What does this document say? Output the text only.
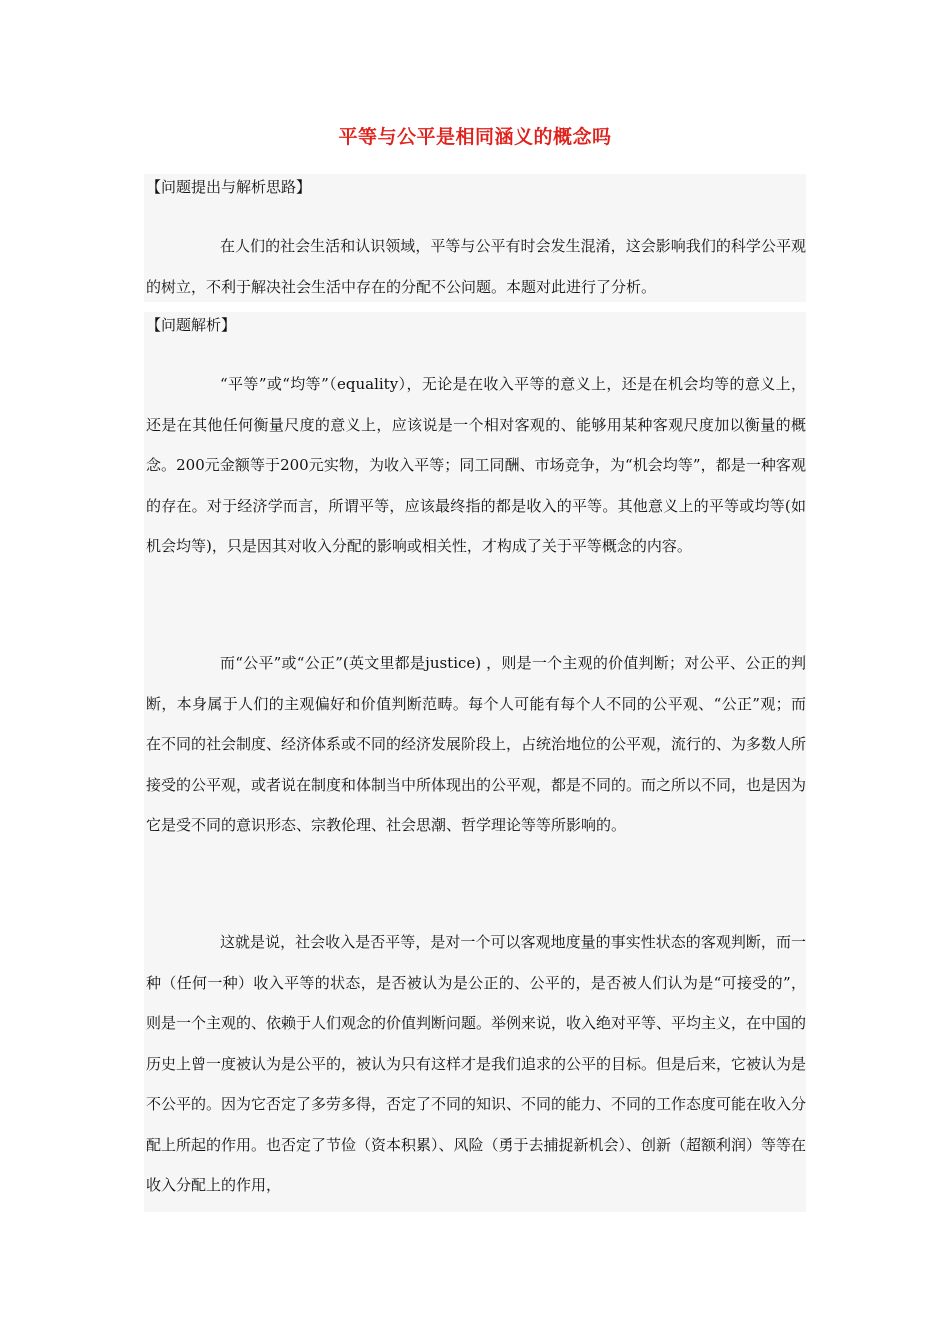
平等与公平是相同涵义的概念吗
【问题提出与解析思路】
在人们的社会生活和认识领域，平等与公平有时会发生混淆，这会影响我们的科学公平观的树立，不利于解决社会生活中存在的分配不公问题。本题对此进行了分析。
【问题解析】
“平等”或“均等”（equality），无论是在收入平等的意义上，还是在机会均等的意义上，还是在其他任何衡量尺度的意义上，应该说是一个相对客观的、能够用某种客观尺度加以衡量的概念。200元金额等于200元实物，为收入平等；同工同酬、市场竞争，为“机会均等”，都是一种客观的存在。对于经济学而言，所谓平等，应该最终指的都是收入的平等。其他意义上的平等或均等(如机会均等)，只是因其对收入分配的影响或相关性，才构成了关于平等概念的内容。
而“公平”或“公正”(英文里都是justice) ，则是一个主观的价值判断；对公平、公正的判断，本身属于人们的主观偏好和价值判断范畴。每个人可能有每个人不同的公平观、“公正”观；而在不同的社会制度、经济体系或不同的经济发展阶段上，占统治地位的公平观，流行的、为多数人所接受的公平观，或者说在制度和体制当中所体现出的公平观，都是不同的。而之所以不同，也是因为它是受不同的意识形态、宗教伦理、社会思潮、哲学理论等等所影响的。
这就是说，社会收入是否平等，是对一个可以客观地度量的事实性状态的客观判断，而一种（任何一种）收入平等的状态，是否被认为是公正的、公平的，是否被人们认为是“可接受的”，则是一个主观的、依赖于人们观念的价值判断问题。举例来说，收入绝对平等、平均主义，在中国的历史上曾一度被认为是公平的，被认为只有这样才是我们追求的公平的目标。但是后来，它被认为是不公平的。因为它否定了多劳多得，否定了不同的知识、不同的能力、不同的工作态度可能在收入分配上所起的作用。也否定了节俭（资本积累）、风险（勇于去捕捉新机会）、创新（超额利润）等等在收入分配上的作用，
